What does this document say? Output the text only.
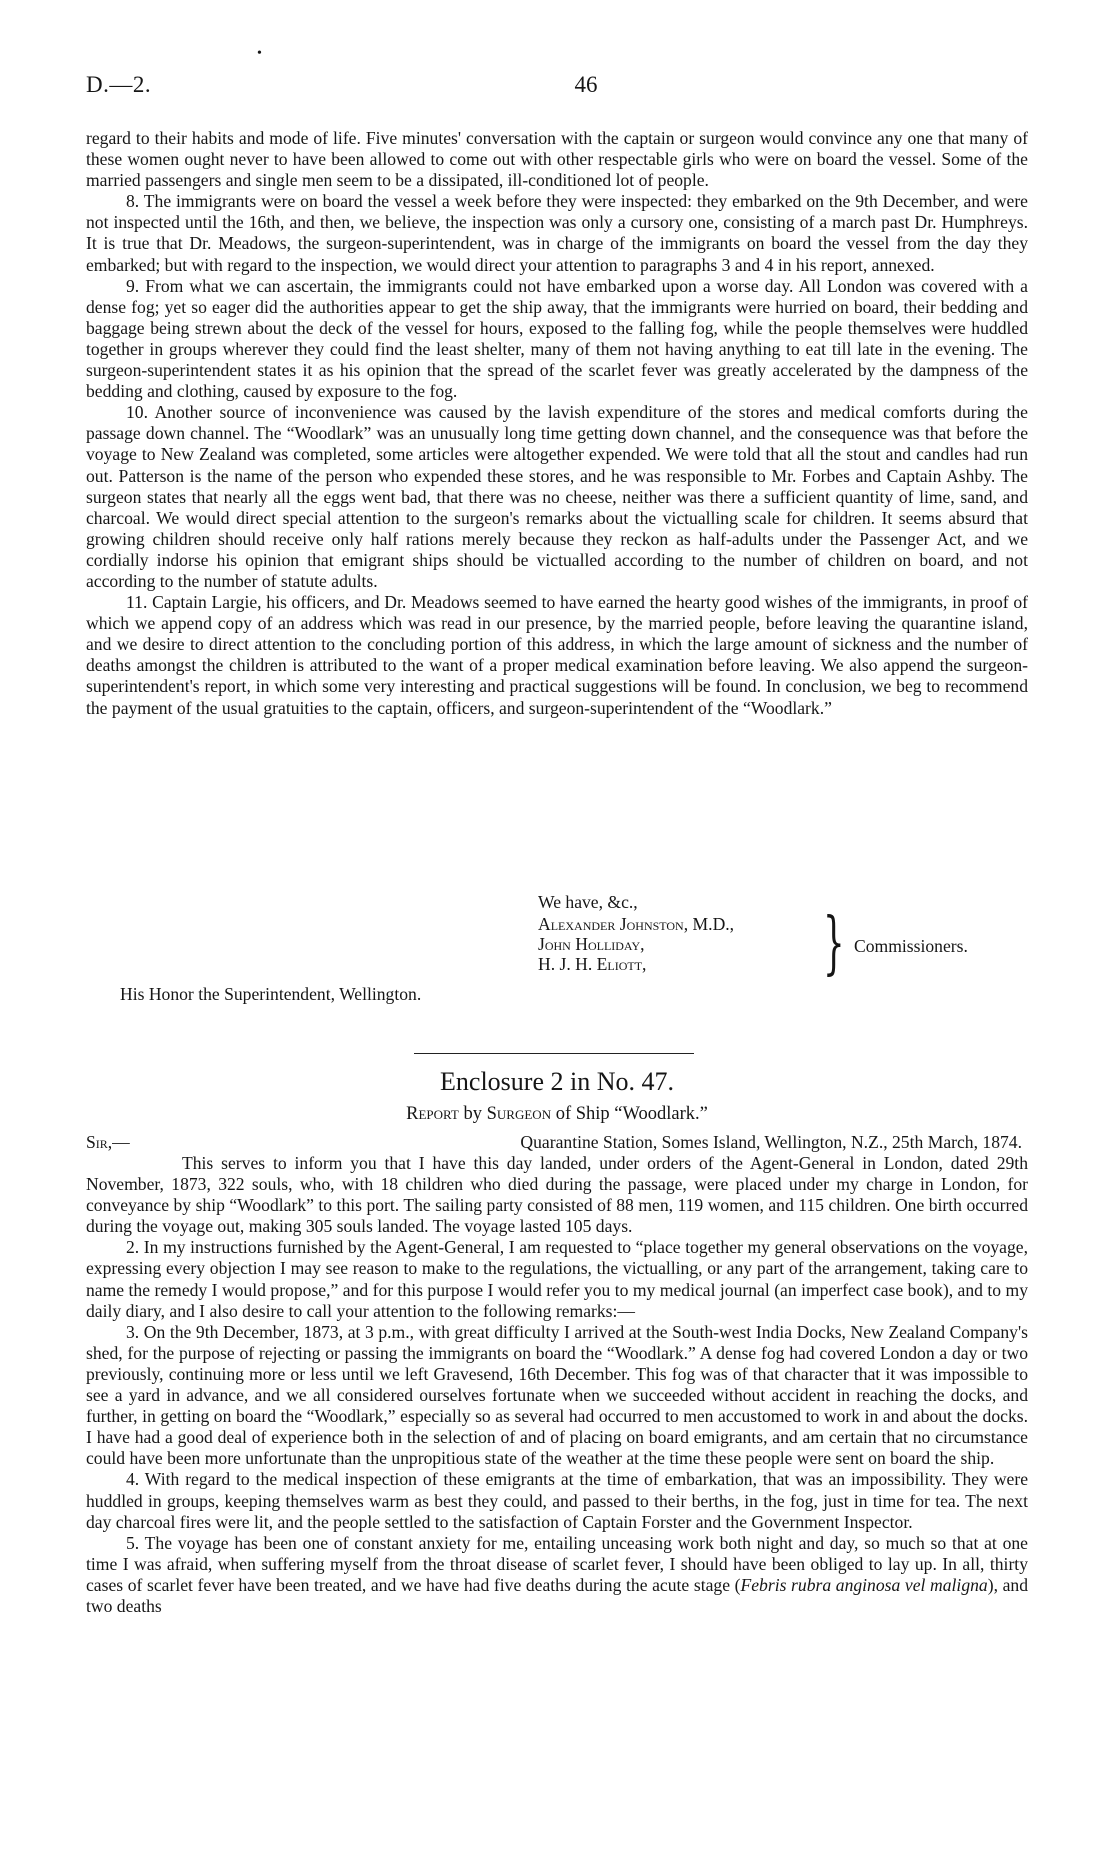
D.—2.
•
46

regard to their habits and mode of life. Five minutes' conversation with the captain or surgeon would convince any one that many of these women ought never to have been allowed to come out with other respectable girls who were on board the vessel. Some of the married passengers and single men seem to be a dissipated, ill-conditioned lot of people.

8. The immigrants were on board the vessel a week before they were inspected: they embarked on the 9th December, and were not inspected until the 16th, and then, we believe, the inspection was only a cursory one, consisting of a march past Dr. Humphreys. It is true that Dr. Meadows, the surgeon-superintendent, was in charge of the immigrants on board the vessel from the day they embarked; but with regard to the inspection, we would direct your attention to paragraphs 3 and 4 in his report, annexed.

9. From what we can ascertain, the immigrants could not have embarked upon a worse day. All London was covered with a dense fog; yet so eager did the authorities appear to get the ship away, that the immigrants were hurried on board, their bedding and baggage being strewn about the deck of the vessel for hours, exposed to the falling fog, while the people themselves were huddled together in groups wherever they could find the least shelter, many of them not having anything to eat till late in the evening. The surgeon-superintendent states it as his opinion that the spread of the scarlet fever was greatly accelerated by the dampness of the bedding and clothing, caused by exposure to the fog.

10. Another source of inconvenience was caused by the lavish expenditure of the stores and medical comforts during the passage down channel. The “Woodlark” was an unusually long time getting down channel, and the consequence was that before the voyage to New Zealand was completed, some articles were altogether expended. We were told that all the stout and candles had run out. Patterson is the name of the person who expended these stores, and he was responsible to Mr. Forbes and Captain Ashby. The surgeon states that nearly all the eggs went bad, that there was no cheese, neither was there a sufficient quantity of lime, sand, and charcoal. We would direct special attention to the surgeon's remarks about the victualling scale for children. It seems absurd that growing children should receive only half rations merely because they reckon as half-adults under the Passenger Act, and we cordially indorse his opinion that emigrant ships should be victualled according to the number of children on board, and not according to the number of statute adults.

11. Captain Largie, his officers, and Dr. Meadows seemed to have earned the hearty good wishes of the immigrants, in proof of which we append copy of an address which was read in our presence, by the married people, before leaving the quarantine island, and we desire to direct attention to the concluding portion of this address, in which the large amount of sickness and the number of deaths amongst the children is attributed to the want of a proper medical examination before leaving. We also append the surgeon-superintendent's report, in which some very interesting and practical suggestions will be found. In conclusion, we beg to recommend the payment of the usual gratuities to the captain, officers, and surgeon-superintendent of the “Woodlark.”

We have, &c.,
Alexander Johnston, M.D.,
John Holliday,
H. J. H. Eliott,	} Commissioners.
His Honor the Superintendent, Wellington.
Enclosure 2 in No. 47.
Report by Surgeon of Ship “Woodlark.”
Sir,—	Quarantine Station, Somes Island, Wellington, N.Z., 25th March, 1874.

This serves to inform you that I have this day landed, under orders of the Agent-General in London, dated 29th November, 1873, 322 souls, who, with 18 children who died during the passage, were placed under my charge in London, for conveyance by ship “Woodlark” to this port. The sailing party consisted of 88 men, 119 women, and 115 children. One birth occurred during the voyage out, making 305 souls landed. The voyage lasted 105 days.

2. In my instructions furnished by the Agent-General, I am requested to “place together my general observations on the voyage, expressing every objection I may see reason to make to the regulations, the victualling, or any part of the arrangement, taking care to name the remedy I would propose,” and for this purpose I would refer you to my medical journal (an imperfect case book), and to my daily diary, and I also desire to call your attention to the following remarks:—

3. On the 9th December, 1873, at 3 p.m., with great difficulty I arrived at the South-west India Docks, New Zealand Company's shed, for the purpose of rejecting or passing the immigrants on board the “Woodlark.” A dense fog had covered London a day or two previously, continuing more or less until we left Gravesend, 16th December. This fog was of that character that it was impossible to see a yard in advance, and we all considered ourselves fortunate when we succeeded without accident in reaching the docks, and further, in getting on board the “Woodlark,” especially so as several had occurred to men accustomed to work in and about the docks. I have had a good deal of experience both in the selection of and of placing on board emigrants, and am certain that no circumstance could have been more unfortunate than the unpropitious state of the weather at the time these people were sent on board the ship.

4. With regard to the medical inspection of these emigrants at the time of embarkation, that was an impossibility. They were huddled in groups, keeping themselves warm as best they could, and passed to their berths, in the fog, just in time for tea. The next day charcoal fires were lit, and the people settled to the satisfaction of Captain Forster and the Government Inspector.

5. The voyage has been one of constant anxiety for me, entailing unceasing work both night and day, so much so that at one time I was afraid, when suffering myself from the throat disease of scarlet fever, I should have been obliged to lay up. In all, thirty cases of scarlet fever have been treated, and we have had five deaths during the acute stage (Febris rubra anginosa vel maligna), and two deaths
